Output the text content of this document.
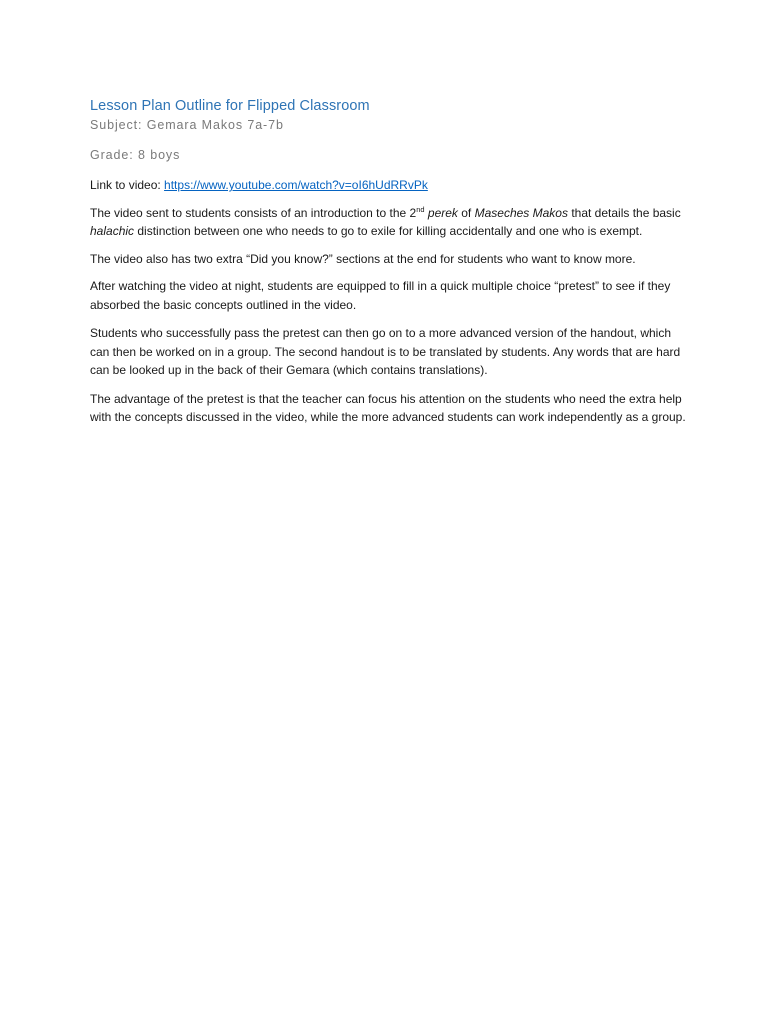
Lesson Plan Outline for Flipped Classroom

Subject: Gemara Makos 7a-7b

Grade: 8 boys

Link to video: https://www.youtube.com/watch?v=oI6hUdRRvPk

The video sent to students consists of an introduction to the 2nd perek of Maseches Makos that details the basic halachic distinction between one who needs to go to exile for killing accidentally and one who is exempt.

The video also has two extra “Did you know?” sections at the end for students who want to know more.

After watching the video at night, students are equipped to fill in a quick multiple choice “pretest” to see if they absorbed the basic concepts outlined in the video.

Students who successfully pass the pretest can then go on to a more advanced version of the handout, which can then be worked on in a group. The second handout is to be translated by students. Any words that are hard can be looked up in the back of their Gemara (which contains translations).

The advantage of the pretest is that the teacher can focus his attention on the students who need the extra help with the concepts discussed in the video, while the more advanced students can work independently as a group.
